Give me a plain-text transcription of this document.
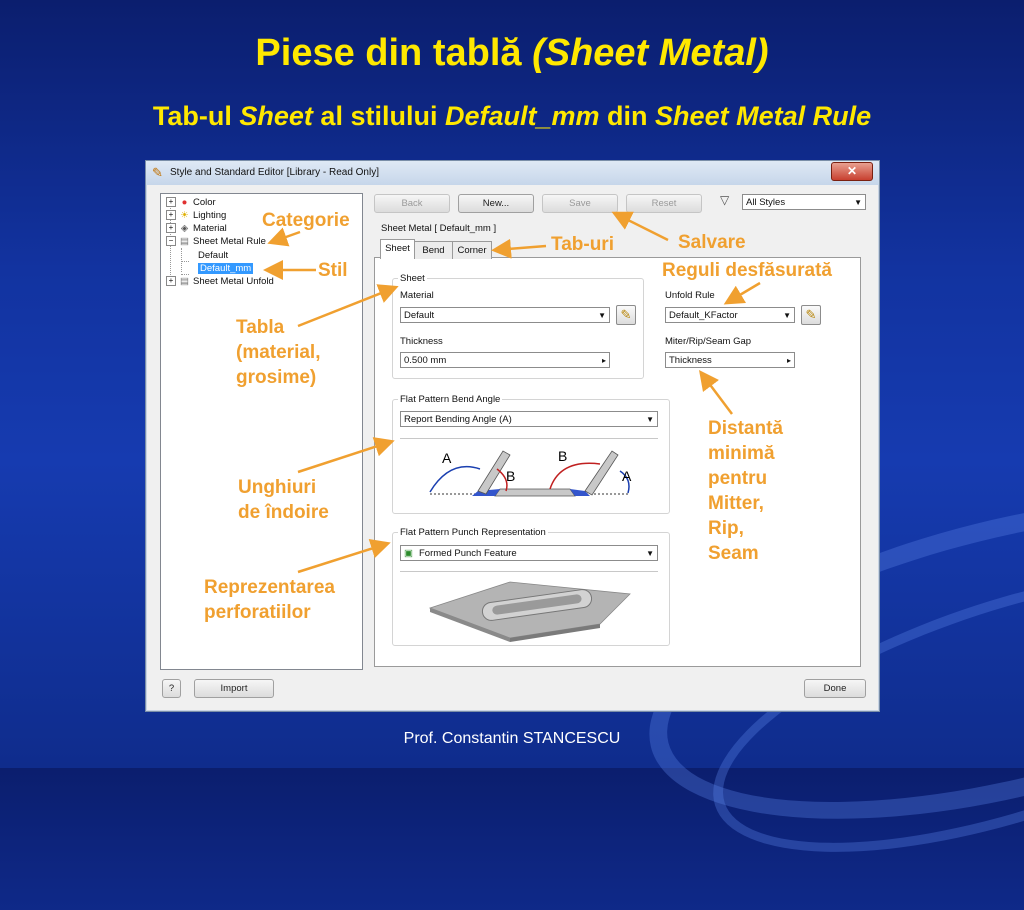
Piese din tablă (Sheet Metal)
Tab-ul Sheet al stilului Default_mm din Sheet Metal Rule
✎ Style and Standard Editor [Library - Read Only]	✕
+ ● Color
+ ☀ Lighting
+ ◈ Material
− ▤ Sheet Metal Rule
Default
Default_mm
+ ▤ Sheet Metal Unfold
Back	New...	Save	Reset	▽	All Styles	▼
Sheet Metal [ Default_mm ]
Sheet	Bend	Corner
Sheet
Material
Default	▼	✎
Thickness
0.500 mm	▸
Unfold Rule
Default_KFactor	▼	✎
Miter/Rip/Seam Gap
Thickness	▸
Flat Pattern Bend Angle
Report Bending Angle (A)	▼
A
B
B
A
Flat Pattern Punch Representation
▣ Formed Punch Feature	▼
?	Import	Done
Categorie
Tab-uri	Salvare
Reguli desfăsurată
Stil
Tabla
(material,
grosime)
Unghiuri
de îndoire
Reprezentarea
perforatiilor
Distantă
minimă
pentru
Mitter,
Rip,
Seam
Prof. Constantin STANCESCU
